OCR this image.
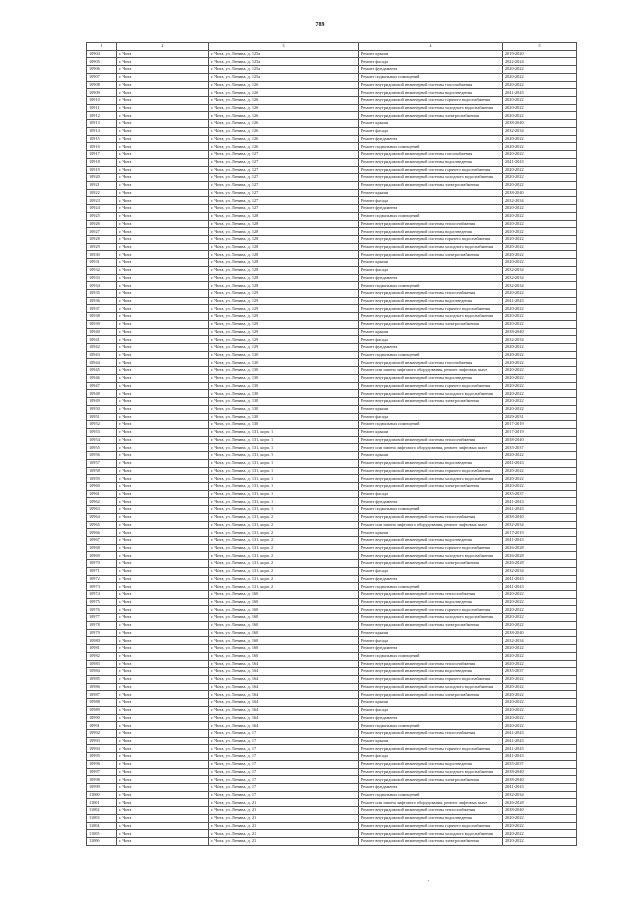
789
1	2	3	4	5
10904	г. Чита	г. Чита, ул. Ленина, д. 125а	Ремонт крыши	2019-2020
10905	г. Чита	г. Чита, ул. Ленина, д. 125а	Ремонт фасада	2022-2024
10906	г. Чита	г. Чита, ул. Ленина, д. 125а	Ремонт фундамента	2020-2022
10907	г. Чита	г. Чита, ул. Ленина, д. 125а	Ремонт подвальных помещений	2020-2022
10908	г. Чита	г. Чита, ул. Ленина, д. 126	Ремонт внутридомовой инженерной системы газоснабжения	2020-2022
10909	г. Чита	г. Чита, ул. Ленина, д. 126	Ремонт внутридомовой инженерной системы водоотведения	2041-2043
10910	г. Чита	г. Чита, ул. Ленина, д. 126	Ремонт внутридомовой инженерной системы горячего водоснабжения	2020-2022
10911	г. Чита	г. Чита, ул. Ленина, д. 126	Ремонт внутридомовой инженерной системы холодного водоснабжения	2020-2022
10912	г. Чита	г. Чита, ул. Ленина, д. 126	Ремонт внутридомовой инженерной системы электроснабжения	2020-2022
10913	г. Чита	г. Чита, ул. Ленина, д. 126	Ремонт крыши	2038-2040
10914	г. Чита	г. Чита, ул. Ленина, д. 126	Ремонт фасада	2032-2034
10915	г. Чита	г. Чита, ул. Ленина, д. 126	Ремонт фундамента	2020-2022
10916	г. Чита	г. Чита, ул. Ленина, д. 126	Ремонт подвальных помещений	2020-2022
10917	г. Чита	г. Чита, ул. Ленина, д. 127	Ремонт внутридомовой инженерной системы газоснабжения	2020-2022
10918	г. Чита	г. Чита, ул. Ленина, д. 127	Ремонт внутридомовой инженерной системы водоотведения	2041-2043
10919	г. Чита	г. Чита, ул. Ленина, д. 127	Ремонт внутридомовой инженерной системы горячего водоснабжения	2020-2022
10920	г. Чита	г. Чита, ул. Ленина, д. 127	Ремонт внутридомовой инженерной системы холодного водоснабжения	2020-2022
10921	г. Чита	г. Чита, ул. Ленина, д. 127	Ремонт внутридомовой инженерной системы электроснабжения	2020-2022
10922	г. Чита	г. Чита, ул. Ленина, д. 127	Ремонт крыши	2038-2040
10923	г. Чита	г. Чита, ул. Ленина, д. 127	Ремонт фасада	2032-2034
10924	г. Чита	г. Чита, ул. Ленина, д. 127	Ремонт фундамента	2020-2022
10925	г. Чита	г. Чита, ул. Ленина, д. 128	Ремонт подвальных помещений	2020-2022
10926	г. Чита	г. Чита, ул. Ленина, д. 128	Ремонт внутридомовой инженерной системы теплоснабжения	2020-2022
10927	г. Чита	г. Чита, ул. Ленина, д. 128	Ремонт внутридомовой инженерной системы водоотведения	2020-2022
10928	г. Чита	г. Чита, ул. Ленина, д. 128	Ремонт внутридомовой инженерной системы горячего водоснабжения	2020-2022
10929	г. Чита	г. Чита, ул. Ленина, д. 128	Ремонт внутридомовой инженерной системы холодного водоснабжения	2020-2022
10930	г. Чита	г. Чита, ул. Ленина, д. 128	Ремонт внутридомовой инженерной системы электроснабжения	2020-2022
10931	г. Чита	г. Чита, ул. Ленина, д. 128	Ремонт крыши	2020-2022
10932	г. Чита	г. Чита, ул. Ленина, д. 128	Ремонт фасада	2032-2034
10933	г. Чита	г. Чита, ул. Ленина, д. 128	Ремонт фундамента	2032-2034
10934	г. Чита	г. Чита, ул. Ленина, д. 128	Ремонт подвальных помещений	2032-2034
10935	г. Чита	г. Чита, ул. Ленина, д. 129	Ремонт внутридомовой инженерной системы теплоснабжения	2020-2022
10936	г. Чита	г. Чита, ул. Ленина, д. 129	Ремонт внутридомовой инженерной системы водоотведения	2041-2043
10937	г. Чита	г. Чита, ул. Ленина, д. 129	Ремонт внутридомовой инженерной системы горячего водоснабжения	2020-2022
10938	г. Чита	г. Чита, ул. Ленина, д. 129	Ремонт внутридомовой инженерной системы холодного водоснабжения	2020-2022
10939	г. Чита	г. Чита, ул. Ленина, д. 129	Ремонт внутридомовой инженерной системы электроснабжения	2020-2022
10940	г. Чита	г. Чита, ул. Ленина, д. 129	Ремонт крыши	2038-2040
10941	г. Чита	г. Чита, ул. Ленина, д. 129	Ремонт фасада	2032-2034
10942	г. Чита	г. Чита, ул. Ленина, д. 129	Ремонт фундамента	2020-2022
10943	г. Чита	г. Чита, ул. Ленина, д. 130	Ремонт подвальных помещений	2020-2022
10944	г. Чита	г. Чита, ул. Ленина, д. 130	Ремонт внутридомовой инженерной системы газоснабжения	2020-2022
10945	г. Чита	г. Чита, ул. Ленина, д. 130	Ремонт или замена лифтового оборудования, ремонт лифтовых шахт	2020-2022
10946	г. Чита	г. Чита, ул. Ленина, д. 130	Ремонт внутридомовой инженерной системы водоотведения	2020-2022
10947	г. Чита	г. Чита, ул. Ленина, д. 130	Ремонт внутридомовой инженерной системы горячего водоснабжения	2020-2022
10948	г. Чита	г. Чита, ул. Ленина, д. 130	Ремонт внутридомовой инженерной системы холодного водоснабжения	2020-2022
10949	г. Чита	г. Чита, ул. Ленина, д. 130	Ремонт внутридомовой инженерной системы электроснабжения	2020-2022
10950	г. Чита	г. Чита, ул. Ленина, д. 130	Ремонт крыши	2020-2022
10951	г. Чита	г. Чита, ул. Ленина, д. 130	Ремонт фасада	2029-2031
10952	г. Чита	г. Чита, ул. Ленина, д. 130	Ремонт подвальных помещений	2017-2019
10953	г. Чита	г. Чита, ул. Ленина, д. 131, корп. 1	Ремонт крыши	2017-2019
10954	г. Чита	г. Чита, ул. Ленина, д. 131, корп. 1	Ремонт внутридомовой инженерной системы теплоснабжения	2038-2040
10955	г. Чита	г. Чита, ул. Ленина, д. 131, корп. 1	Ремонт или замена лифтового оборудования, ремонт лифтовых шахт	2035-2037
10956	г. Чита	г. Чита, ул. Ленина, д. 131, корп. 1	Ремонт крыши	2020-2022
10957	г. Чита	г. Чита, ул. Ленина, д. 131, корп. 1	Ремонт внутридомовой инженерной системы водоотведения	2041-2043
10958	г. Чита	г. Чита, ул. Ленина, д. 131, корп. 1	Ремонт внутридомовой инженерной системы горячего водоснабжения	2020-2022
10959	г. Чита	г. Чита, ул. Ленина, д. 131, корп. 1	Ремонт внутридомовой инженерной системы холодного водоснабжения	2020-2022
10960	г. Чита	г. Чита, ул. Ленина, д. 131, корп. 1	Ремонт внутридомовой инженерной системы электроснабжения	2020-2022
10961	г. Чита	г. Чита, ул. Ленина, д. 131, корп. 1	Ремонт фасада	2035-2037
10962	г. Чита	г. Чита, ул. Ленина, д. 131, корп. 1	Ремонт фундамента	2041-2043
10963	г. Чита	г. Чита, ул. Ленина, д. 131, корп. 1	Ремонт подвальных помещений	2041-2043
10964	г. Чита	г. Чита, ул. Ленина, д. 131, корп. 2	Ремонт внутридомовой инженерной системы теплоснабжения	2038-2040
10965	г. Чита	г. Чита, ул. Ленина, д. 131, корп. 2	Ремонт или замена лифтового оборудования, ремонт лифтовых шахт	2032-2034
10966	г. Чита	г. Чита, ул. Ленина, д. 131, корп. 2	Ремонт крыши	2017-2019
10967	г. Чита	г. Чита, ул. Ленина, д. 131, корп. 2	Ремонт внутридомовой инженерной системы водоотведения	2041-2043
10968	г. Чита	г. Чита, ул. Ленина, д. 131, корп. 2	Ремонт внутридомовой инженерной системы горячего водоснабжения	2026-2028
10969	г. Чита	г. Чита, ул. Ленина, д. 131, корп. 2	Ремонт внутридомовой инженерной системы холодного водоснабжения	2026-2028
10970	г. Чита	г. Чита, ул. Ленина, д. 131, корп. 2	Ремонт внутридомовой инженерной системы электроснабжения	2026-2028
10971	г. Чита	г. Чита, ул. Ленина, д. 131, корп. 2	Ремонт фасада	2032-2034
10972	г. Чита	г. Чита, ул. Ленина, д. 131, корп. 2	Ремонт фундамента	2041-2043
10973	г. Чита	г. Чита, ул. Ленина, д. 131, корп. 2	Ремонт подвальных помещений	2041-2043
10974	г. Чита	г. Чита, ул. Ленина, д. 160	Ремонт внутридомовой инженерной системы теплоснабжения	2020-2022
10975	г. Чита	г. Чита, ул. Ленина, д. 160	Ремонт внутридомовой инженерной системы водоотведения	2020-2022
10976	г. Чита	г. Чита, ул. Ленина, д. 160	Ремонт внутридомовой инженерной системы горячего водоснабжения	2020-2022
10977	г. Чита	г. Чита, ул. Ленина, д. 160	Ремонт внутридомовой инженерной системы холодного водоснабжения	2020-2022
10978	г. Чита	г. Чита, ул. Ленина, д. 160	Ремонт внутридомовой инженерной системы электроснабжения	2020-2022
10979	г. Чита	г. Чита, ул. Ленина, д. 160	Ремонт крыши	2038-2040
10980	г. Чита	г. Чита, ул. Ленина, д. 160	Ремонт фасада	2032-2034
10981	г. Чита	г. Чита, ул. Ленина, д. 160	Ремонт фундамента	2020-2022
10982	г. Чита	г. Чита, ул. Ленина, д. 160	Ремонт подвальных помещений	2020-2022
10983	г. Чита	г. Чита, ул. Ленина, д. 164	Ремонт внутридомовой инженерной системы теплоснабжения	2020-2022
10984	г. Чита	г. Чита, ул. Ленина, д. 164	Ремонт внутридомовой инженерной системы водоотведения	2035-2037
10985	г. Чита	г. Чита, ул. Ленина, д. 164	Ремонт внутридомовой инженерной системы горячего водоснабжения	2020-2022
10986	г. Чита	г. Чита, ул. Ленина, д. 164	Ремонт внутридомовой инженерной системы холодного водоснабжения	2020-2022
10987	г. Чита	г. Чита, ул. Ленина, д. 164	Ремонт внутридомовой инженерной системы электроснабжения	2020-2022
10988	г. Чита	г. Чита, ул. Ленина, д. 164	Ремонт крыши	2020-2022
10989	г. Чита	г. Чита, ул. Ленина, д. 164	Ремонт фасада	2020-2022
10990	г. Чита	г. Чита, ул. Ленина, д. 164	Ремонт фундамента	2020-2022
10991	г. Чита	г. Чита, ул. Ленина, д. 164	Ремонт подвальных помещений	2020-2022
10992	г. Чита	г. Чита, ул. Ленина, д. 17	Ремонт внутридомовой инженерной системы теплоснабжения	2041-2043
10993	г. Чита	г. Чита, ул. Ленина, д. 17	Ремонт крыши	2041-2043
10994	г. Чита	г. Чита, ул. Ленина, д. 17	Ремонт внутридомовой инженерной системы горячего водоснабжения	2041-2043
10995	г. Чита	г. Чита, ул. Ленина, д. 17	Ремонт фасада	2041-2043
10996	г. Чита	г. Чита, ул. Ленина, д. 17	Ремонт внутридомовой инженерной системы водоотведения	2035-2037
10997	г. Чита	г. Чита, ул. Ленина, д. 17	Ремонт внутридомовой инженерной системы холодного водоснабжения	2038-2040
10998	г. Чита	г. Чита, ул. Ленина, д. 17	Ремонт внутридомовой инженерной системы электроснабжения	2038-2040
10999	г. Чита	г. Чита, ул. Ленина, д. 17	Ремонт фундамента	2041-2043
11000	г. Чита	г. Чита, ул. Ленина, д. 17	Ремонт подвальных помещений	2032-2034
11001	г. Чита	г. Чита, ул. Ленина, д. 21	Ремонт или замена лифтового оборудования, ремонт лифтовых шахт	2026-2028
11002	г. Чита	г. Чита, ул. Ленина, д. 21	Ремонт внутридомовой инженерной системы теплоснабжения	2038-2040
11003	г. Чита	г. Чита, ул. Ленина, д. 21	Ремонт внутридомовой инженерной системы водоотведения	2020-2022
11004	г. Чита	г. Чита, ул. Ленина, д. 21	Ремонт внутридомовой инженерной системы горячего водоснабжения	2020-2022
11005	г. Чита	г. Чита, ул. Ленина, д. 21	Ремонт внутридомовой инженерной системы холодного водоснабжения	2020-2022
11006	г. Чита	г. Чита, ул. Ленина, д. 21	Ремонт внутридомовой инженерной системы электроснабжения	2020-2022
